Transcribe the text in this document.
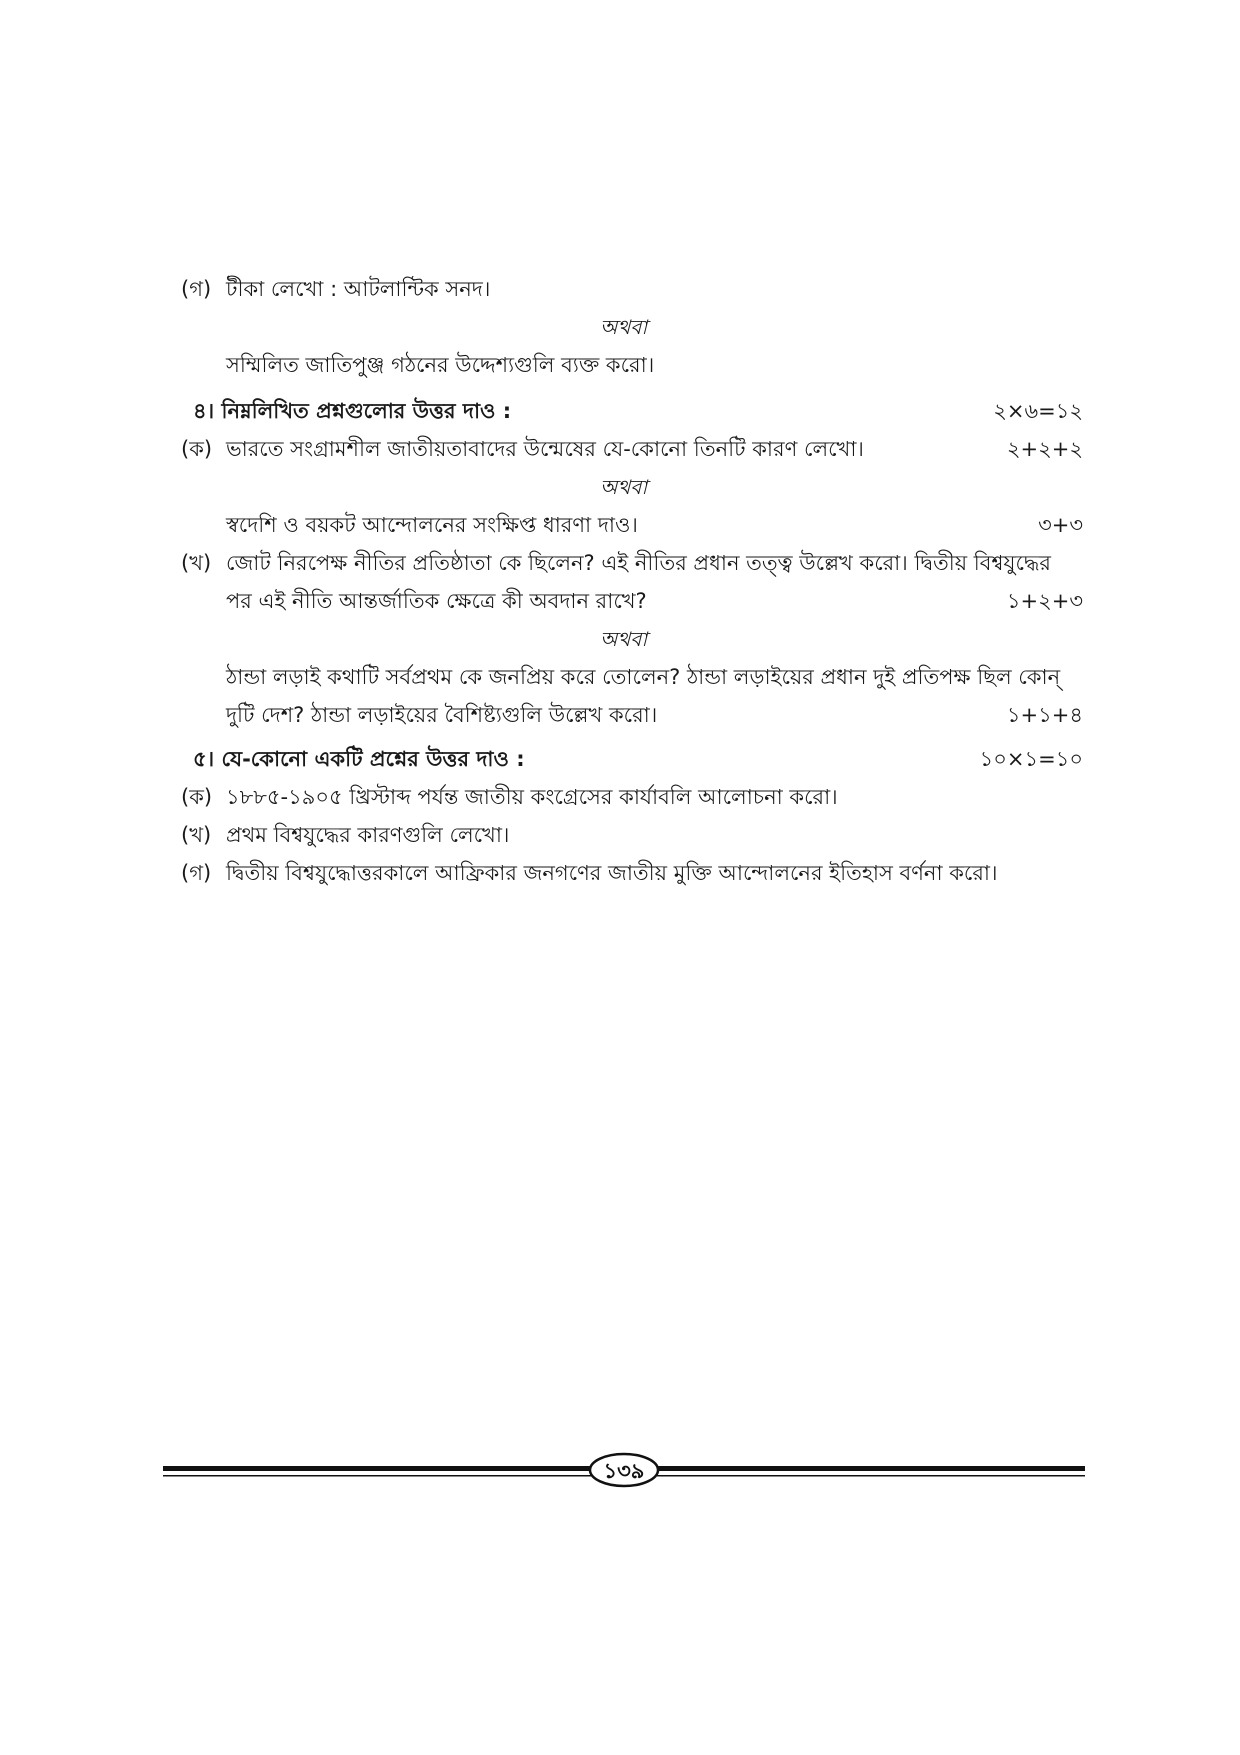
(গ) টীকা লেখো : আটলান্টিক সনদ।
অথবা
সম্মিলিত জাতিপুঞ্জ গঠনের উদ্দেশ্যগুলি ব্যক্ত করো।
৪। নিম্নলিখিত প্রশ্নগুলোর উত্তর দাও :	২×৬=১২
(ক) ভারতে সংগ্রামশীল জাতীয়তাবাদের উন্মেষের যে-কোনো তিনটি কারণ লেখো।	২+২+২
অথবা
স্বদেশি ও বয়কট আন্দোলনের সংক্ষিপ্ত ধারণা দাও।	৩+৩
(খ) জোট নিরপেক্ষ নীতির প্রতিষ্ঠাতা কে ছিলেন? এই নীতির প্রধান তত্ত্ব উল্লেখ করো। দ্বিতীয় বিশ্বযুদ্ধের
পর এই নীতি আন্তর্জাতিক ক্ষেত্রে কী অবদান রাখে?	১+২+৩
অথবা
ঠান্ডা লড়াই কথাটি সর্বপ্রথম কে জনপ্রিয় করে তোলেন? ঠান্ডা লড়াইয়ের প্রধান দুই প্রতিপক্ষ ছিল কোন্
দুটি দেশ? ঠান্ডা লড়াইয়ের বৈশিষ্ট্যগুলি উল্লেখ করো।	১+১+৪
৫। যে-কোনো একটি প্রশ্নের উত্তর দাও :	১০×১=১০
(ক) ১৮৮৫-১৯০৫ খ্রিস্টাব্দ পর্যন্ত জাতীয় কংগ্রেসের কার্যাবলি আলোচনা করো।
(খ) প্রথম বিশ্বযুদ্ধের কারণগুলি লেখো।
(গ) দ্বিতীয় বিশ্বযুদ্ধোত্তরকালে আফ্রিকার জনগণের জাতীয় মুক্তি আন্দোলনের ইতিহাস বর্ণনা করো।
১৩৯
